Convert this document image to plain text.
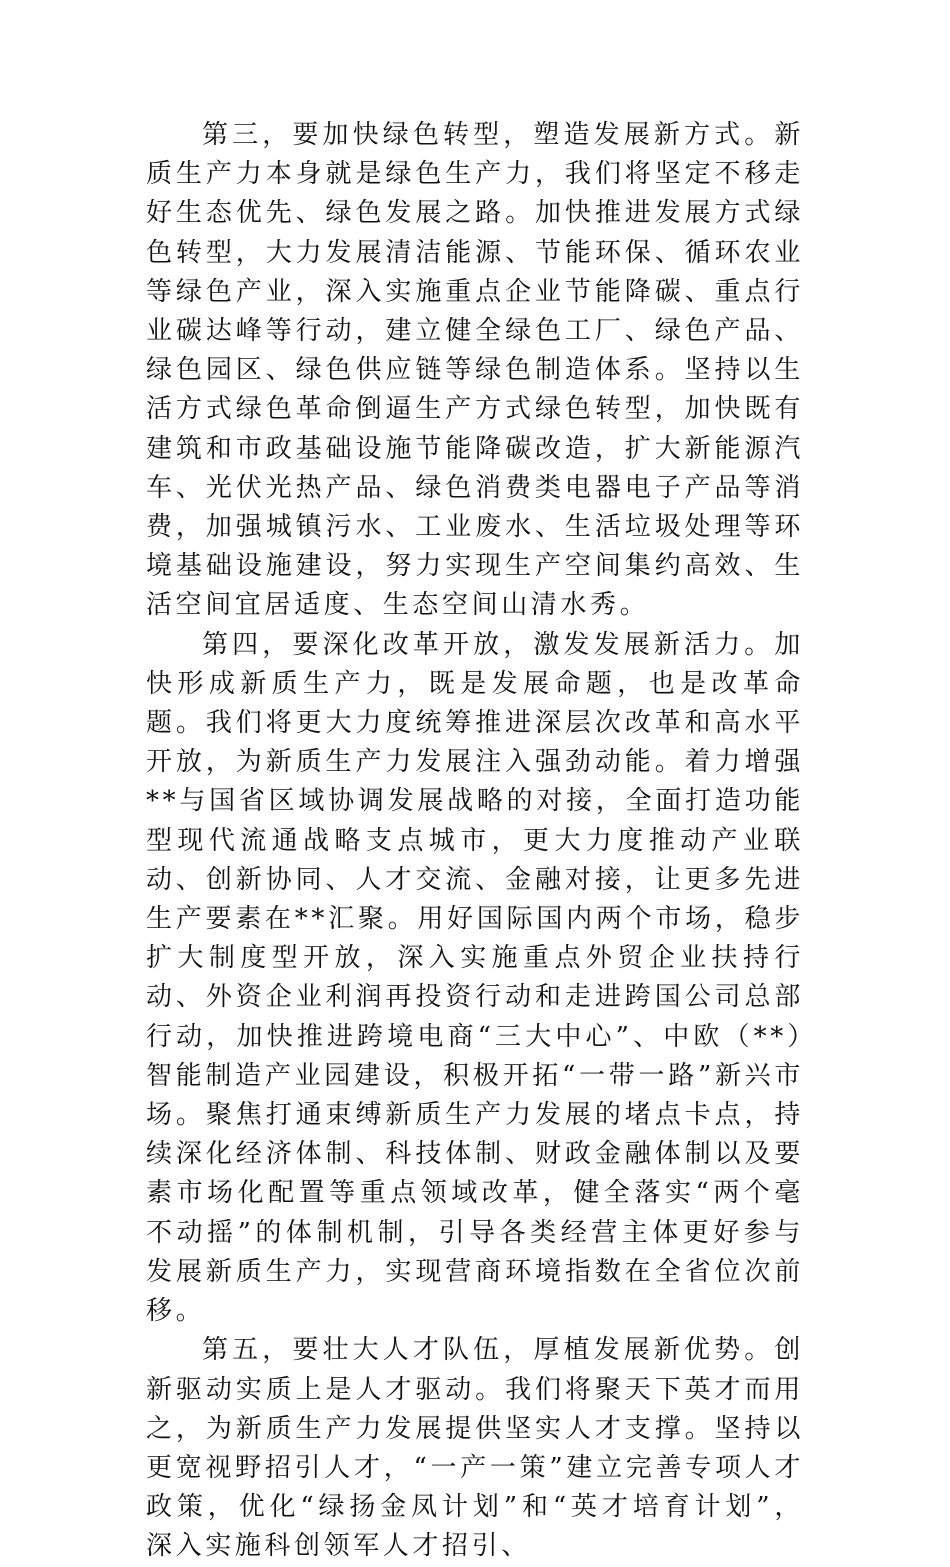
第三，要加快绿色转型，塑造发展新方式。新质生产力本身就是绿色生产力，我们将坚定不移走好生态优先、绿色发展之路。加快推进发展方式绿色转型，大力发展清洁能源、节能环保、循环农业等绿色产业，深入实施重点企业节能降碳、重点行业碳达峰等行动，建立健全绿色工厂、绿色产品、绿色园区、绿色供应链等绿色制造体系。坚持以生活方式绿色革命倒逼生产方式绿色转型，加快既有建筑和市政基础设施节能降碳改造，扩大新能源汽车、光伏光热产品、绿色消费类电器电子产品等消费，加强城镇污水、工业废水、生活垃圾处理等环境基础设施建设，努力实现生产空间集约高效、生活空间宜居适度、生态空间山清水秀。

第四，要深化改革开放，激发发展新活力。加快形成新质生产力，既是发展命题，也是改革命题。我们将更大力度统筹推进深层次改革和高水平开放，为新质生产力发展注入强劲动能。着力增强**与国省区域协调发展战略的对接，全面打造功能型现代流通战略支点城市，更大力度推动产业联动、创新协同、人才交流、金融对接，让更多先进生产要素在**汇聚。用好国际国内两个市场，稳步扩大制度型开放，深入实施重点外贸企业扶持行动、外资企业利润再投资行动和走进跨国公司总部行动，加快推进跨境电商“三大中心”、中欧（**）智能制造产业园建设，积极开拓“一带一路”新兴市场。聚焦打通束缚新质生产力发展的堵点卡点，持续深化经济体制、科技体制、财政金融体制以及要素市场化配置等重点领域改革，健全落实“两个毫不动摇”的体制机制，引导各类经营主体更好参与发展新质生产力，实现营商环境指数在全省位次前移。

第五，要壮大人才队伍，厚植发展新优势。创新驱动实质上是人才驱动。我们将聚天下英才而用之，为新质生产力发展提供坚实人才支撑。坚持以更宽视野招引人才，“一产一策”建立完善专项人才政策，优化“绿扬金凤计划”和“英才培育计划”，深入实施科创领军人才招引、
